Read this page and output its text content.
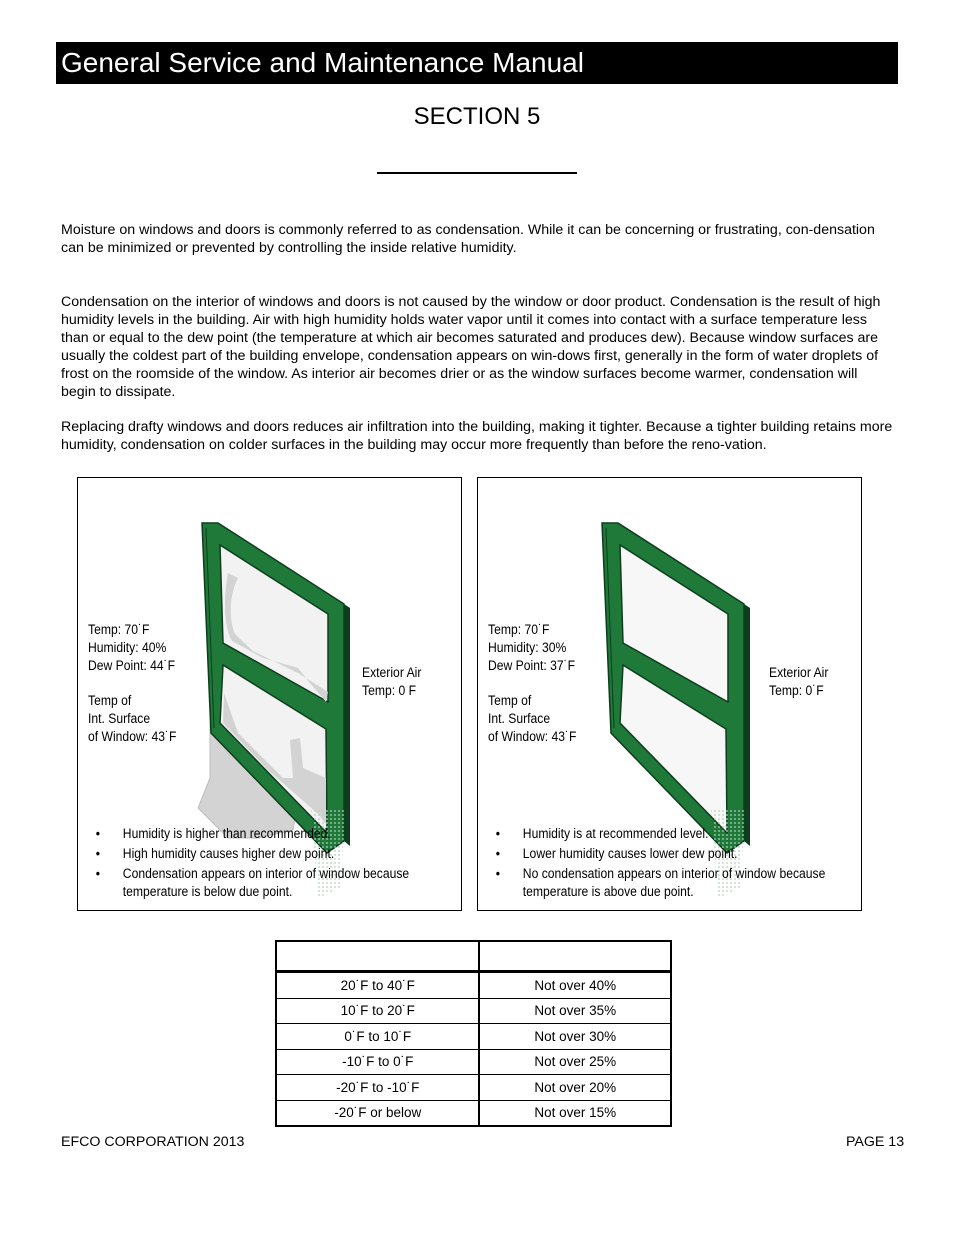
General Service and Maintenance Manual
SECTION 5

Moisture on windows and doors is commonly referred to as condensation. While it can be concerning or frustrating, con-densation can be minimized or prevented by controlling the inside relative humidity.

Condensation on the interior of windows and doors is not caused by the window or door product. Condensation is the result of high humidity levels in the building. Air with high humidity holds water vapor until it comes into contact with a surface temperature less than or equal to the dew point (the temperature at which air becomes saturated and produces dew). Because window surfaces are usually the coldest part of the building envelope, condensation appears on win-dows first, generally in the form of water droplets of frost on the roomside of the window. As interior air becomes drier or as the window surfaces become warmer, condensation will begin to dissipate.

Replacing drafty windows and doors reduces air infiltration into the building, making it tighter. Because a tighter building retains more humidity, condensation on colder surfaces in the building may occur more frequently than before the reno-vation.

Temp: 70˙F
Humidity: 40%
Dew Point: 44˙F
Temp of
Int. Surface
of Window: 43˙F
Exterior Air
Temp: 0 F
• Humidity is higher than recommended.
• High humidity causes higher dew point.
• Condensation appears on interior of window because temperature is below due point.
Temp: 70˙F
Humidity: 30%
Dew Point: 37˙F
Temp of
Int. Surface
of Window: 43˙F
Exterior Air
Temp: 0˙F
• Humidity is at recommended level.
• Lower humidity causes lower dew point.
• No condensation appears on interior of window because temperature is above due point.

20˙F to 40˙F	Not over 40%
10˙F to 20˙F	Not over 35%
0˙F to 10˙F	Not over 30%
-10˙F to 0˙F	Not over 25%
-20˙F to -10˙F	Not over 20%
-20˙F or below	Not over 15%
EFCO CORPORATION 2013	PAGE 13
